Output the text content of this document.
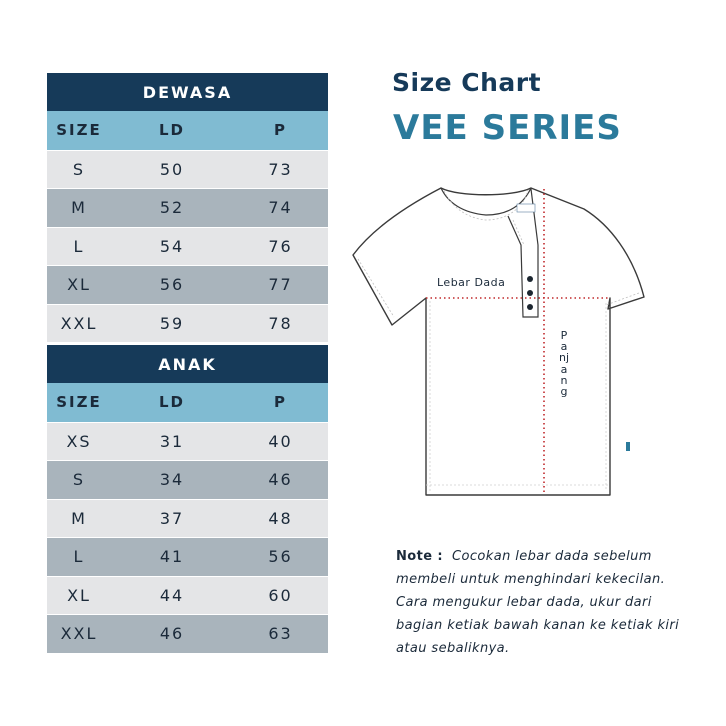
DEWASA
SIZE	LD	P
S	50	73
M	52	74
L	54	76
XL	56	77
XXL	59	78
ANAK
SIZE	LD	P
XS	31	40
S	34	46
M	37	48
L	41	56
XL	44	60
XXL	46	63
Size Chart
VEE SERIES
Lebar Dada
Panjang
Note : Cocokan lebar dada sebelum membeli untuk menghindari kekecilan. Cara mengukur lebar dada, ukur dari bagian ketiak bawah kanan ke ketiak kiri atau sebaliknya.
